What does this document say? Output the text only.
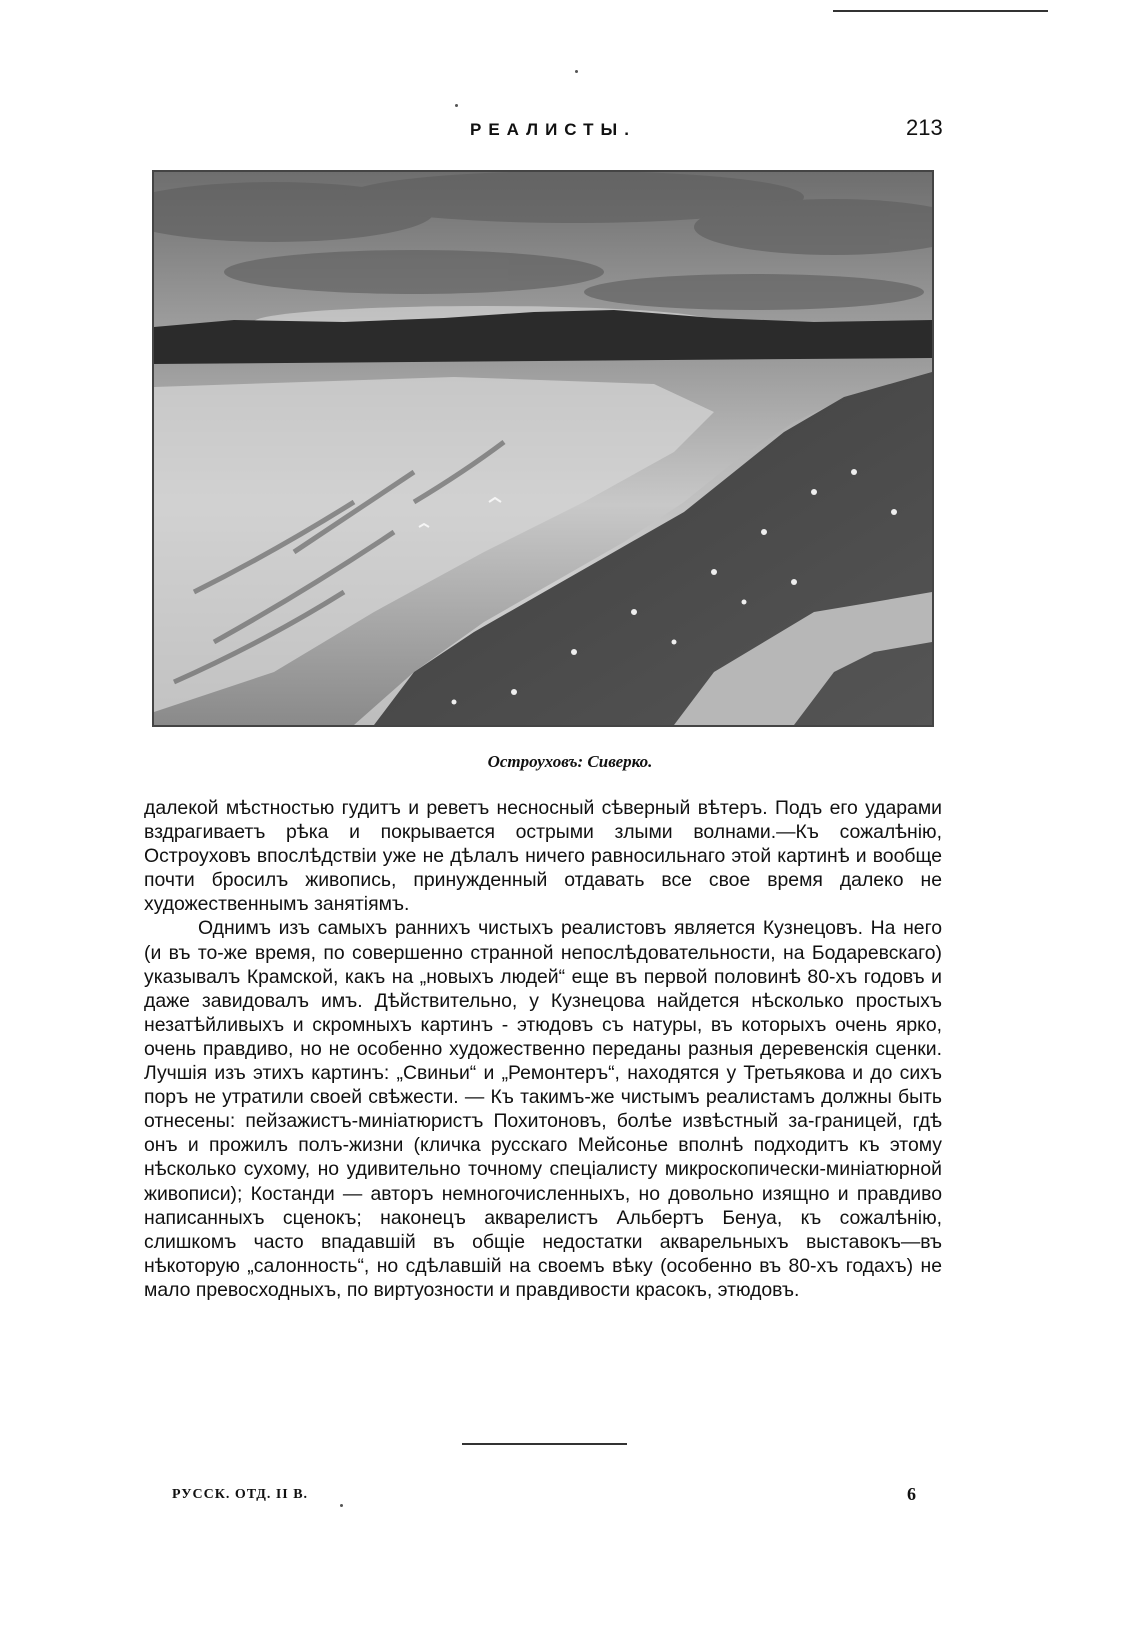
РЕАЛИСТЫ.	213
Остроуховъ: Сиверко.

далекой мѣстностью гудитъ и реветъ несносный сѣверный вѣтеръ. Подъ его ударами вздрагиваетъ рѣка и покрывается острыми злыми волнами.—Къ сожалѣнію, Остроуховъ впослѣдствіи уже не дѣлалъ ничего равносильнаго этой картинѣ и вообще почти бросилъ живопись, принужденный отдавать все свое время далеко не художественнымъ занятіямъ.

Однимъ изъ самыхъ раннихъ чистыхъ реалистовъ является Кузнецовъ. На него (и въ то-же время, по совершенно странной непослѣдовательности, на Бодаревскаго) указывалъ Крамской, какъ на „новыхъ людей“ еще въ первой половинѣ 80-хъ годовъ и даже завидовалъ имъ. Дѣйствительно, у Кузнецова найдется нѣсколько простыхъ незатѣйливыхъ и скромныхъ картинъ - этюдовъ съ натуры, въ которыхъ очень ярко, очень правдиво, но не особенно художественно переданы разныя деревенскія сценки. Лучшія изъ этихъ картинъ: „Свиньи“ и „Ремонтеръ“, находятся у Третьякова и до сихъ поръ не утратили своей свѣжести. — Къ такимъ-же чистымъ реалистамъ должны быть отнесены: пейзажистъ-миніатюристъ Похитоновъ, болѣе извѣстный за-границей, гдѣ онъ и прожилъ полъ-жизни (кличка русскаго Мейсонье вполнѣ подходитъ къ этому нѣсколько сухому, но удивительно точному спеціалисту микроскопически-миніатюрной живописи); Костанди — авторъ немногочисленныхъ, но довольно изящно и правдиво написанныхъ сценокъ; наконецъ акварелистъ Альбертъ Бенуа, къ сожалѣнію, слишкомъ часто впадавшій въ общіе недостатки акварельныхъ выставокъ—въ нѣкоторую „салонность“, но сдѣлавшій на своемъ вѣку (особенно въ 80-хъ годахъ) не мало превосходныхъ, по виртуозности и правдивости красокъ, этюдовъ.

РУССК. ОТД. II В.	6
